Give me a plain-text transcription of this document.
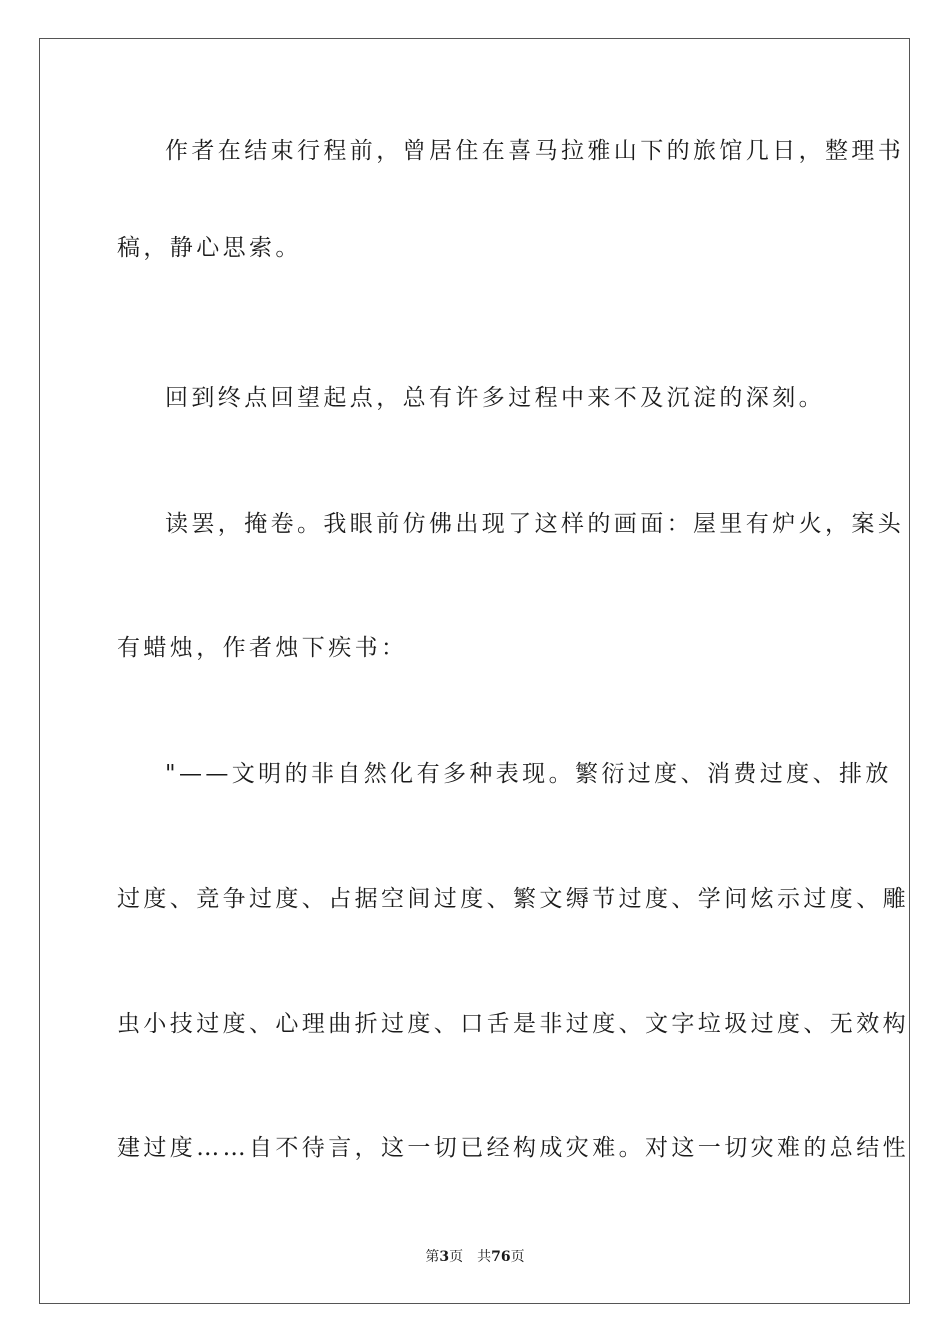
作者在结束行程前，曾居住在喜马拉雅山下的旅馆几日，整理书
稿，静心思索。
回到终点回望起点，总有许多过程中来不及沉淀的深刻。
读罢，掩卷。我眼前仿佛出现了这样的画面：屋里有炉火，案头
有蜡烛，作者烛下疾书：
"——文明的非自然化有多种表现。繁衍过度、消费过度、排放
过度、竞争过度、占据空间过度、繁文缛节过度、学问炫示过度、雕
虫小技过度、心理曲折过度、口舌是非过度、文字垃圾过度、无效构
建过度……自不待言，这一切已经构成灾难。对这一切灾难的总结性
第3页 共76页
